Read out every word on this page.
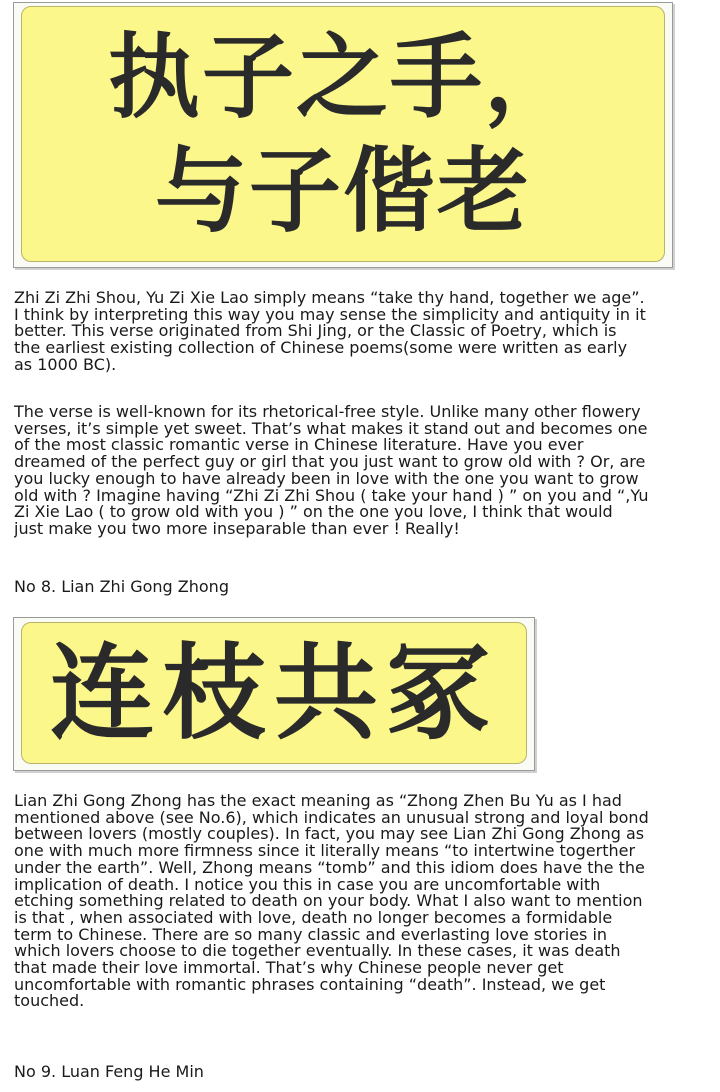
执子之手，
与子偕老
Zhi Zi Zhi Shou, Yu Zi Xie Lao simply means “take thy hand, together we age”.
I think by interpreting this way you may sense the simplicity and antiquity in it
better. This verse originated from Shi Jing, or the Classic of Poetry, which is
the earliest existing collection of Chinese poems(some were written as early
as 1000 BC).
The verse is well-known for its rhetorical-free style. Unlike many other flowery
verses, it’s simple yet sweet. That’s what makes it stand out and becomes one
of the most classic romantic verse in Chinese literature. Have you ever
dreamed of the perfect guy or girl that you just want to grow old with ? Or, are
you lucky enough to have already been in love with the one you want to grow
old with ? Imagine having “Zhi Zi Zhi Shou ( take your hand ) ” on you and “,Yu
Zi Xie Lao ( to grow old with you ) ” on the one you love, I think that would
just make you two more inseparable than ever ! Really!
No 8. Lian Zhi Gong Zhong
连枝共冢
Lian Zhi Gong Zhong has the exact meaning as “Zhong Zhen Bu Yu as I had
mentioned above (see No.6), which indicates an unusual strong and loyal bond
between lovers (mostly couples). In fact, you may see Lian Zhi Gong Zhong as
one with much more firmness since it literally means “to intertwine togerther
under the earth”. Well, Zhong means “tomb” and this idiom does have the the
implication of death. I notice you this in case you are uncomfortable with
etching something related to death on your body. What I also want to mention
is that , when associated with love, death no longer becomes a formidable
term to Chinese. There are so many classic and everlasting love stories in
which lovers choose to die together eventually. In these cases, it was death
that made their love immortal. That’s why Chinese people never get
uncomfortable with romantic phrases containing “death”. Instead, we get
touched.
No 9. Luan Feng He Min
